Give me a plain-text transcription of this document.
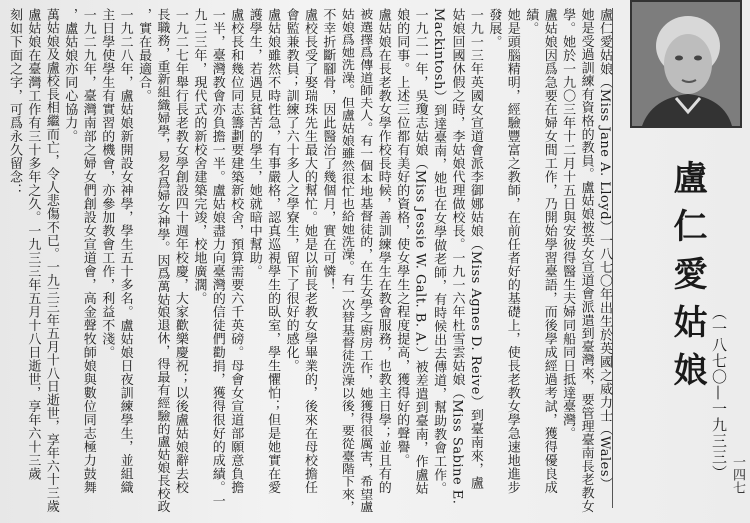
盧仁愛姑娘 （一八七〇—一九三三）
盧仁愛姑娘（Miss Jane A. Lloyd）一八七〇年出生於英國之威力士（Wales）
她是受過訓練有資格的教員。盧姑娘被英女宣道會派遣到臺灣來，要管理臺南長老教女
學。她於一九〇三年十二月十五日與安彼得醫生夫婦同船同日抵達臺灣。
盧姑娘因爲急要在婦女間工作，乃開始學習臺語，而後學成經過考試，獲得優良成
績。
她是頭腦精明，經驗豐富之教師，在前任者好的基礎上，使長老教女學急速地進步
發展。
一九一三年英國女宣道會派李御娜姑娘（Miss Agnes D. Reive）到臺南來，盧
姑娘回國休假之時，李姑娘代理做校長。一九一六年杜雪雲姑娘（Miss Sabine E.
Mackintosh）到達臺南，她也在女學做老師，有時候出去傳道，幫助教會工作。
一九二一年，吳瓊志姑娘（Miss Jessie W. Galt. B. A.）被差遣到臺南，作盧姑
娘的同事。上述三位都有美好的資格，使女學生之程度提高，獲得好的聲譽。
盧姑娘在長老教女學作校長時候，善訓練學生在教會服務，也教主日學；並且有的
被選擇爲傳道師夫人。有一個本地基督徒的，在生女學之廚房工作，她獲得很厲害，希望盧
姑娘爲她洗澡。但盧姑娘雖然很忙也給她洗澡。有一次替基督徒洗澡以後，要從臺階下來，
不幸折斷腳骨，因此醫治了幾個月，實在可憐！
盧校長受了娶瑞珠先生最大的幫忙。她是以前長老教女學畢業的，後來在母校擔任
會監兼教員；訓練了六十多人之學寮生，留下了很好的感化。
盧姑娘雖然不時性急，有事嚴格，認真巡視學生的臥室，學生懼怕；但是她實在愛
護學生，若遇見貧苦的學生，她就暗中幫助。
盧校長和幾位同志籌劃要建築新校舍，預算需要六千英磅。母會女宣道部願意負擔
一半，臺灣教會亦負擔一半。盧姑娘盡力向臺灣的信徒們勸捐，獲得很好的成績。一
九二三年，現代式的新校舍建築完竣，校地廣濶。
一九二七年舉行長老教女學創設四十週年校慶，大家歡樂慶祝；以後盧姑娘辭去校
長職務，重新組織婦學，易名爲婦女神學。因爲萬姑娘退休，得最有經驗的盧姑娘長校政
，實在最適合。
一九二八年，盧姑娘新開設女神學，學生五十多名。盧姑娘日夜訓練學生，並組織
主日學使學生有實習的機會，亦參加教會工作，利益不淺。
一九二九年，臺灣南部之婦女們創設女宣道會，高金聲牧師娘與數位同志極力鼓舞
，盧姑娘亦同心協力。
萬姑娘及盧校長相繼而亡，令人悲傷不已。一九三三年五月十八日逝世，享年六十三歲
盧姑娘在臺灣工作有三十多年之久。一九三三年五月十八日逝世，享年六十三歲
刻如下面之字，可爲永久留念：
一四七
